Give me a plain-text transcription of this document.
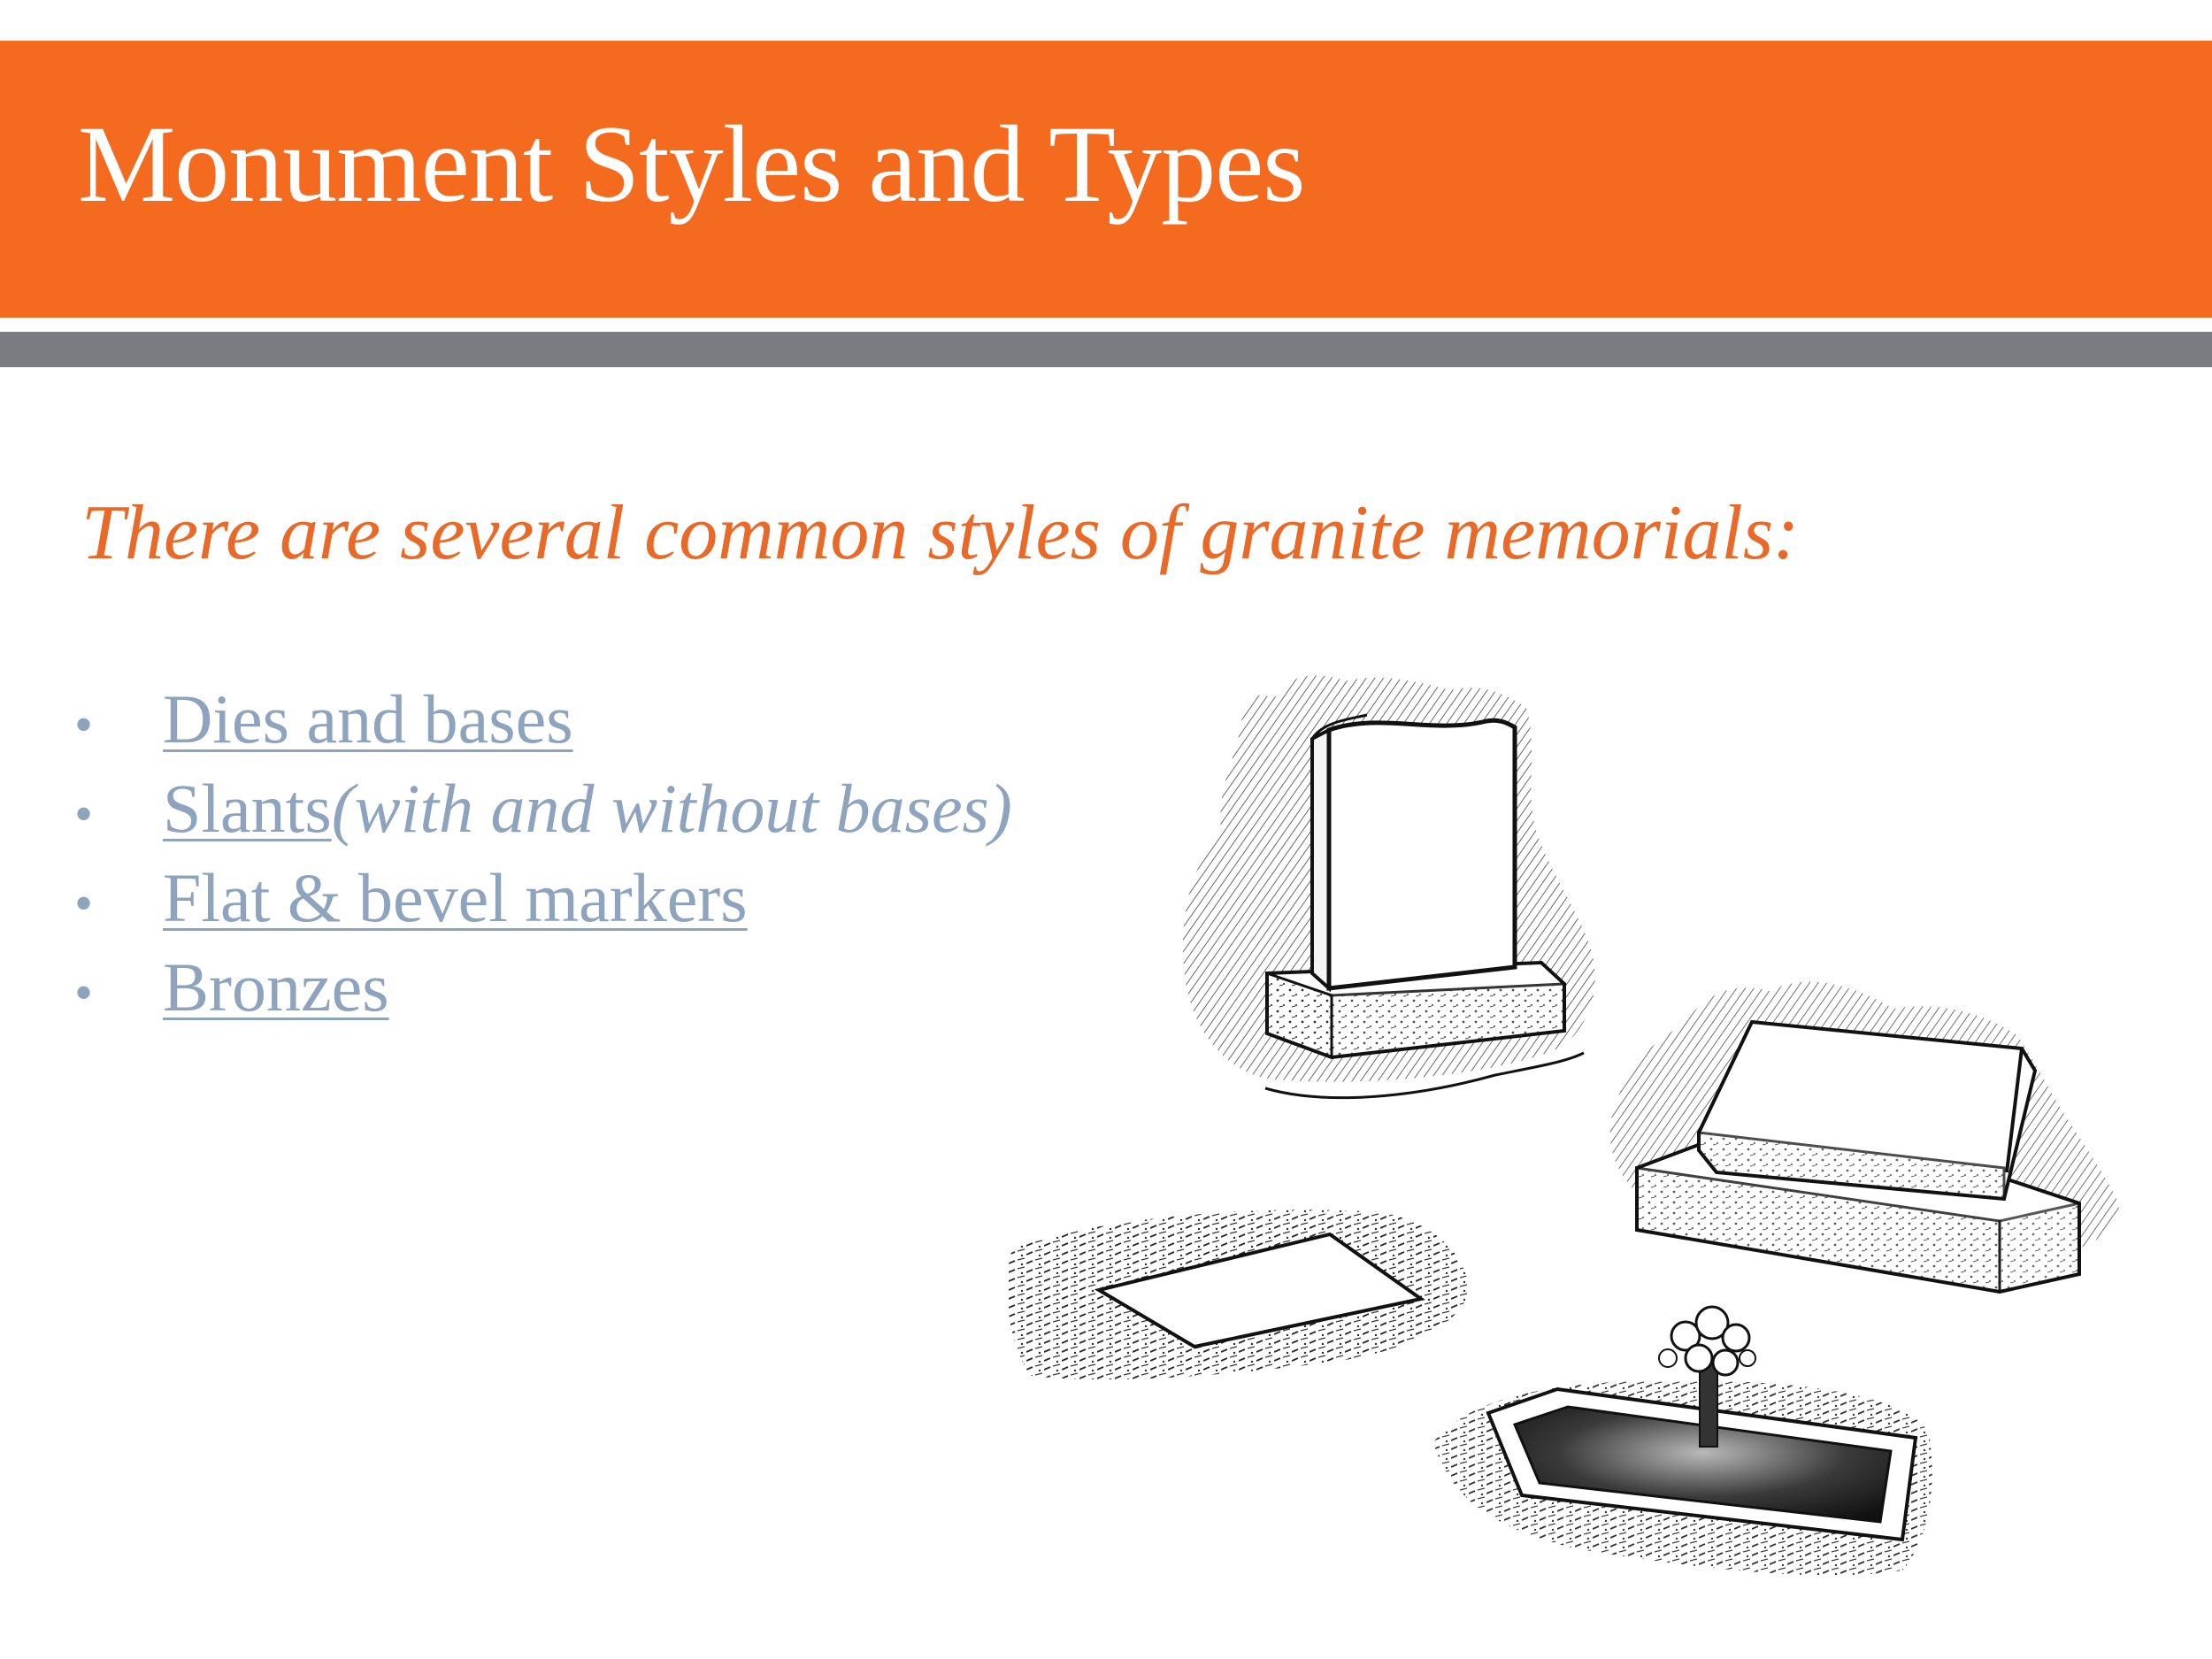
Monument Styles and Types

There are several common styles of granite memorials:

•	Dies and bases
•	Slants (with and without bases)
•	Flat & bevel markers
•	Bronzes
